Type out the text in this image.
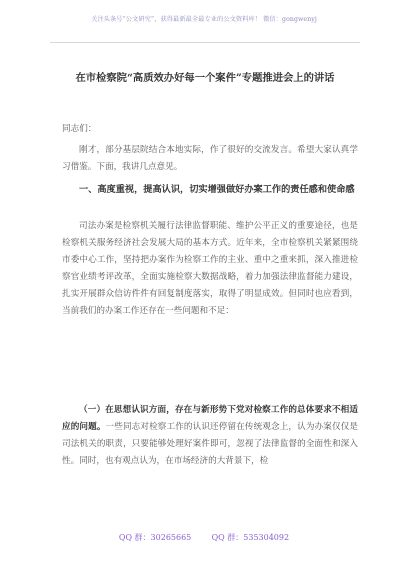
关注头条号“公文研究”，获得最新最全最专业的公文资料库！ 微信：gongwenyj
在市检察院“高质效办好每一个案件”专题推进会上的讲话
同志们：
刚才，部分基层院结合本地实际，作了很好的交流发言。希望大家认真学习借鉴。下面，我讲几点意见。
一、高度重视，提高认识，切实增强做好办案工作的责任感和使命感
司法办案是检察机关履行法律监督职能、维护公平正义的重要途径，也是检察机关服务经济社会发展大局的基本方式。近年来，全市检察机关紧紧围绕市委中心工作，坚持把办案作为检察工作的主业、重中之重来抓，深入推进检察官业绩考评改革，全面实施检察大数据战略，着力加强法律监督能力建设，扎实开展群众信访件件有回复制度落实，取得了明显成效。但同时也应看到，当前我们的办案工作还存在一些问题和不足：
（一）在思想认识方面，存在与新形势下党对检察工作的总体要求不相适应的问题。一些同志对检察工作的认识还停留在传统观念上，认为办案仅仅是司法机关的职责，只要能够处理好案件即可，忽视了法律监督的全面性和深入性。同时，也有观点认为，在市场经济的大背景下，检
QQ 群：30265665        QQ 群：535304092
